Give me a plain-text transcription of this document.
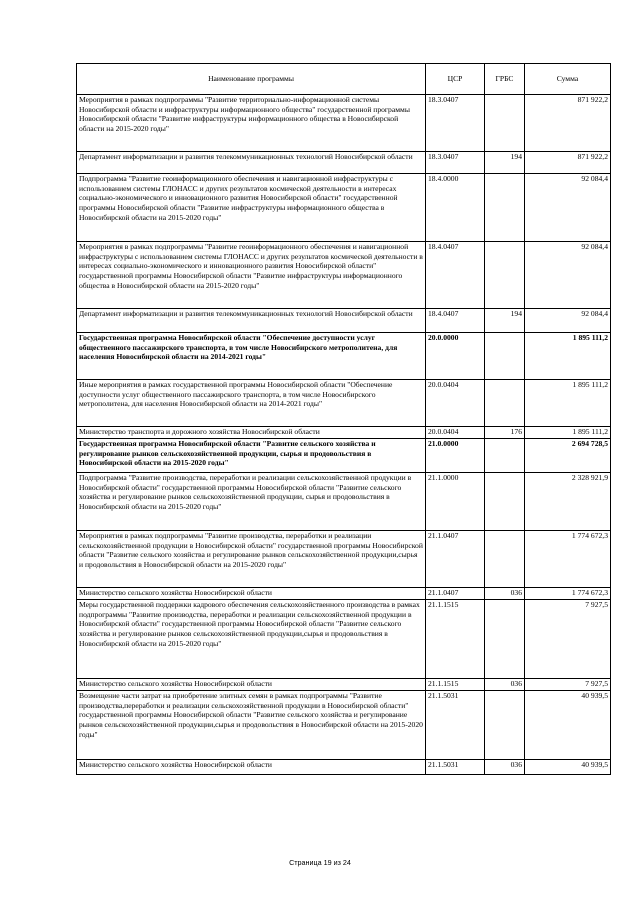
Наименование программы	ЦСР	ГРБС	Сумма
Мероприятия в рамках подпрограммы "Развитие территориально-информационной системы Новосибирской области и инфраструктуры информационного общества" государственной программы Новосибирской области "Развитие инфраструктуры информационного общества в Новосибирской области на 2015-2020 годы"	18.3.0407		871 922,2
Департамент информатизации и развития телекоммуникационных технологий Новосибирской области	18.3.0407	194	871 922,2
Подпрограмма "Развитие геоинформационного обеспечения и навигационной инфраструктуры с использованием системы ГЛОНАСС и других результатов космической деятельности в интересах социально-экономического и инновационного развития Новосибирской области" государственной программы Новосибирской области "Развитие инфраструктуры информационного общества в Новосибирской области на 2015-2020 годы"	18.4.0000		92 084,4
Мероприятия в рамках подпрограммы "Развитие геоинформационного обеспечения и навигационной инфраструктуры с использованием системы ГЛОНАСС и других результатов космической деятельности в интересах социально-экономического и инновационного развития Новосибирской области" государственной программы Новосибирской области "Развитие инфраструктуры информационного общества в Новосибирской области на 2015-2020 годы"	18.4.0407		92 084,4
Департамент информатизации и развития телекоммуникационных технологий Новосибирской области	18.4.0407	194	92 084,4
Государственная программа Новосибирской области "Обеспечение доступности услуг общественного пассажирского транспорта, в том числе Новосибирского метрополитена, для населения Новосибирской области на 2014-2021 годы"	20.0.0000		1 895 111,2
Иные мероприятия в рамках государственной программы Новосибирской области "Обеспечение доступности услуг общественного пассажирского транспорта, в том числе Новосибирского метрополитена, для населения Новосибирской области на 2014-2021 годы"	20.0.0404		1 895 111,2
Министерство транспорта и дорожного хозяйства Новосибирской области	20.0.0404	176	1 895 111,2
Государственная программа Новосибирской области "Развитие сельского хозяйства и регулирование рынков сельскохозяйственной продукции, сырья и продовольствия в Новосибирской области на 2015-2020 годы"	21.0.0000		2 694 728,5
Подпрограмма "Развитие производства, переработки и реализации сельскохозяйственной продукции в Новосибирской области" государственной программы Новосибирской области "Развитие сельского хозяйства и регулирование рынков сельскохозяйственной продукции, сырья и продовольствия в Новосибирской области на 2015-2020 годы"	21.1.0000		2 328 921,9
Мероприятия в рамках подпрограммы "Развитие производства, переработки и реализации сельскохозяйственной продукции в Новосибирской области" государственной программы Новосибирской области "Развитие сельского хозяйства и регулирование рынков сельскохозяйственной продукции,сырья и продовольствия в Новосибирской области на 2015-2020 годы"	21.1.0407		1 774 672,3
Министерство сельского хозяйства Новосибирской области	21.1.0407	036	1 774 672,3
Меры государственной поддержки кадрового обеспечения сельскохозяйственного производства в рамках подпрограммы "Развитие производства, переработки и реализации сельскохозяйственной продукции в Новосибирской области" государственной программы Новосибирской области "Развитие сельского хозяйства и регулирование рынков сельскохозяйственной продукции,сырья и продовольствия в Новосибирской области на 2015-2020 годы"	21.1.1515		7 927,5
Министерство сельского хозяйства Новосибирской области	21.1.1515	036	7 927,5
Возмещение части затрат на приобретение элитных семян в рамках подпрограммы "Развитие производства,переработки и реализации сельскохозяйственной продукции в Новосибирской области" государственной программы Новосибирской области "Развитие сельского хозяйства и регулирование рынков сельскохозяйственной продукции,сырья и продовольствия в Новосибирской области на 2015-2020 годы"	21.1.5031		40 939,5
Министерство сельского хозяйства Новосибирской области	21.1.5031	036	40 939,5
Страница 19 из 24
